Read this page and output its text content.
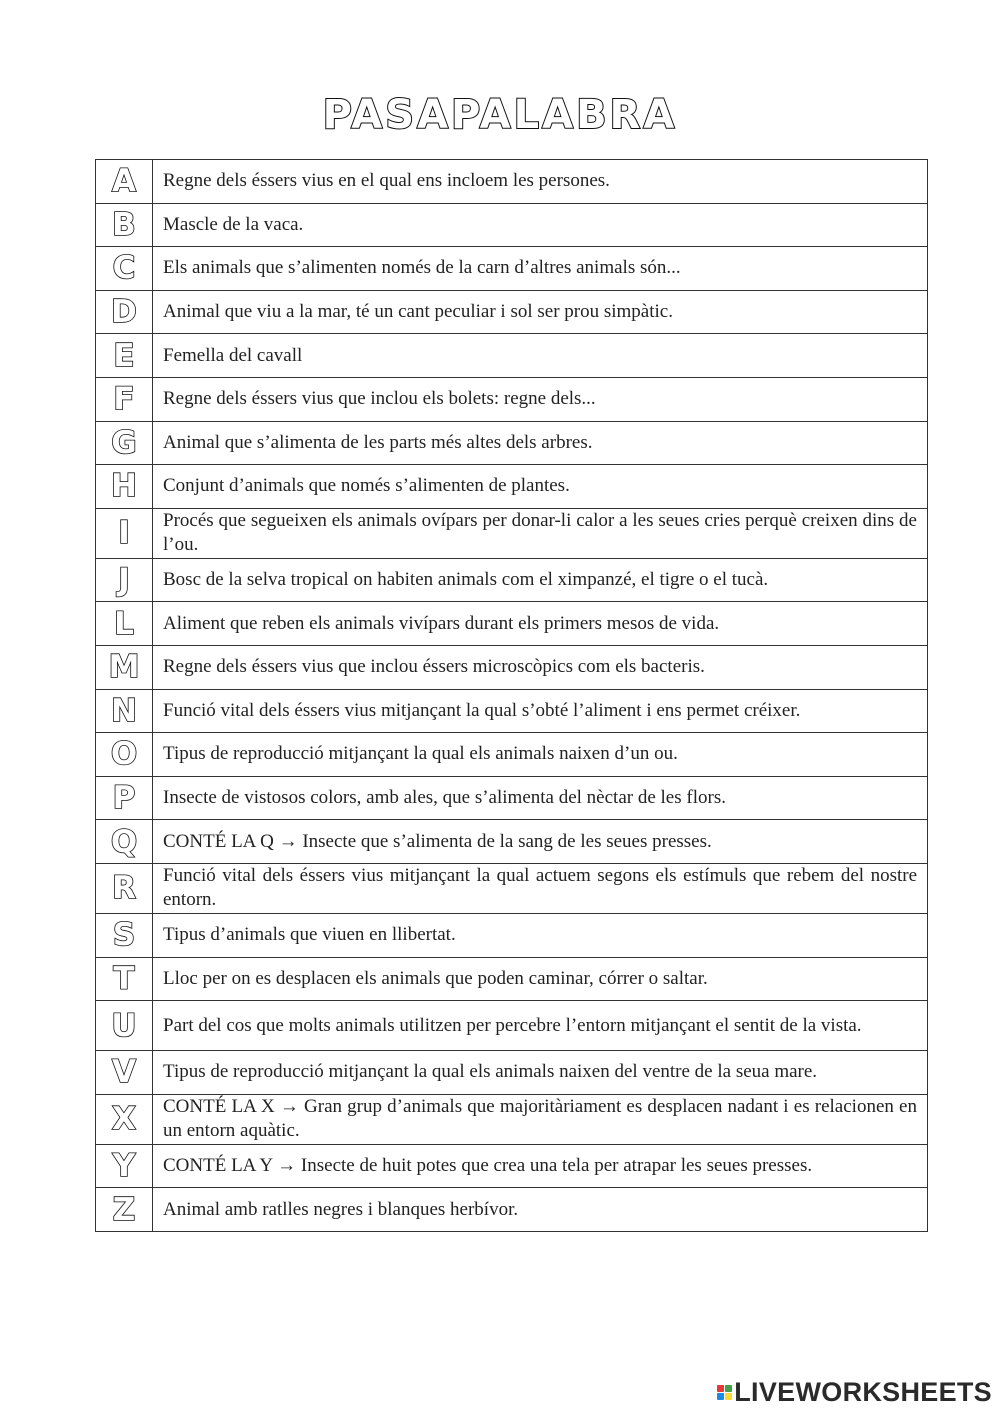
PASAPALABRA
A	Regne dels éssers vius en el qual ens incloem les persones.
B	Mascle de la vaca.
C	Els animals que s’alimenten només de la carn d’altres animals són...
D	Animal que viu a la mar, té un cant peculiar i sol ser prou simpàtic.
E	Femella del cavall
F	Regne dels éssers vius que inclou els bolets: regne dels...
G	Animal que s’alimenta de les parts més altes dels arbres.
H	Conjunt d’animals que només s’alimenten de plantes.
I	Procés que segueixen els animals ovípars per donar-li calor a les seues cries perquè creixen dins de l’ou.
J	Bosc de la selva tropical on habiten animals com el ximpanzé, el tigre o el tucà.
L	Aliment que reben els animals vivípars durant els primers mesos de vida.
M	Regne dels éssers vius que inclou éssers microscòpics com els bacteris.
N	Funció vital dels éssers vius mitjançant la qual s’obté l’aliment i ens permet créixer.
O	Tipus de reproducció mitjançant la qual els animals naixen d’un ou.
P	Insecte de vistosos colors, amb ales, que s’alimenta del nèctar de les flors.
Q	CONTÉ LA Q → Insecte que s’alimenta de la sang de les seues presses.
R	Funció vital dels éssers vius mitjançant la qual actuem segons els estímuls que rebem del nostre entorn.
S	Tipus d’animals que viuen en llibertat.
T	Lloc per on es desplacen els animals que poden caminar, córrer o saltar.
U	Part del cos que molts animals utilitzen per percebre l’entorn mitjançant el sentit de la vista.
V	Tipus de reproducció mitjançant la qual els animals naixen del ventre de la seua mare.
X	CONTÉ LA X → Gran grup d’animals que majoritàriament es desplacen nadant i es relacionen en un entorn aquàtic.
Y	CONTÉ LA Y → Insecte de huit potes que crea una tela per atrapar les seues presses.
Z	Animal amb ratlles negres i blanques herbívor.
LIVEWORKSHEETS
